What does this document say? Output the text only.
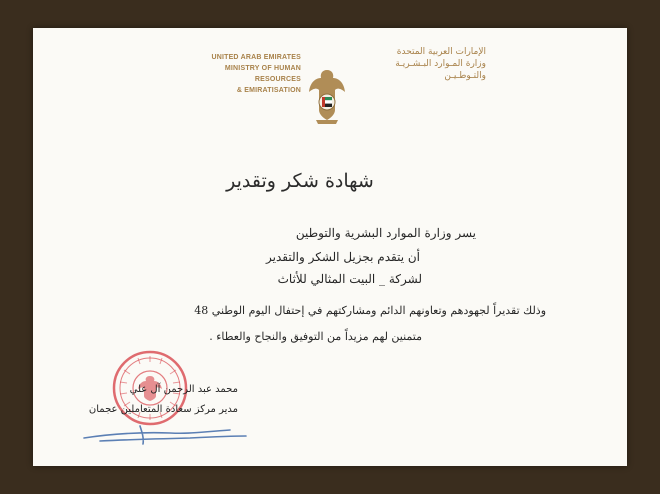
UNITED ARAB EMIRATES
MINISTRY OF HUMAN RESOURCES
& EMIRATISATION
الإمارات العربية المتحدة
وزارة المـوارد البـشـريـة
والتـوطـيـن
شهادة شكر وتقدير
يسر وزارة الموارد البشرية والتوطين
أن يتقدم بجزيل الشكر والتقدير
لشركة _ البيت المثالي للأثاث
وذلك تقديراً لجهودهم وتعاونهم الدائم ومشاركتهم في إحتفال اليوم الوطني 48
متمنين لهم مزيداً من التوفيق والنجاح والعطاء .
محمد عبد الرحمن آل علي
مدير مركز سعادة المتعاملين عجمان
